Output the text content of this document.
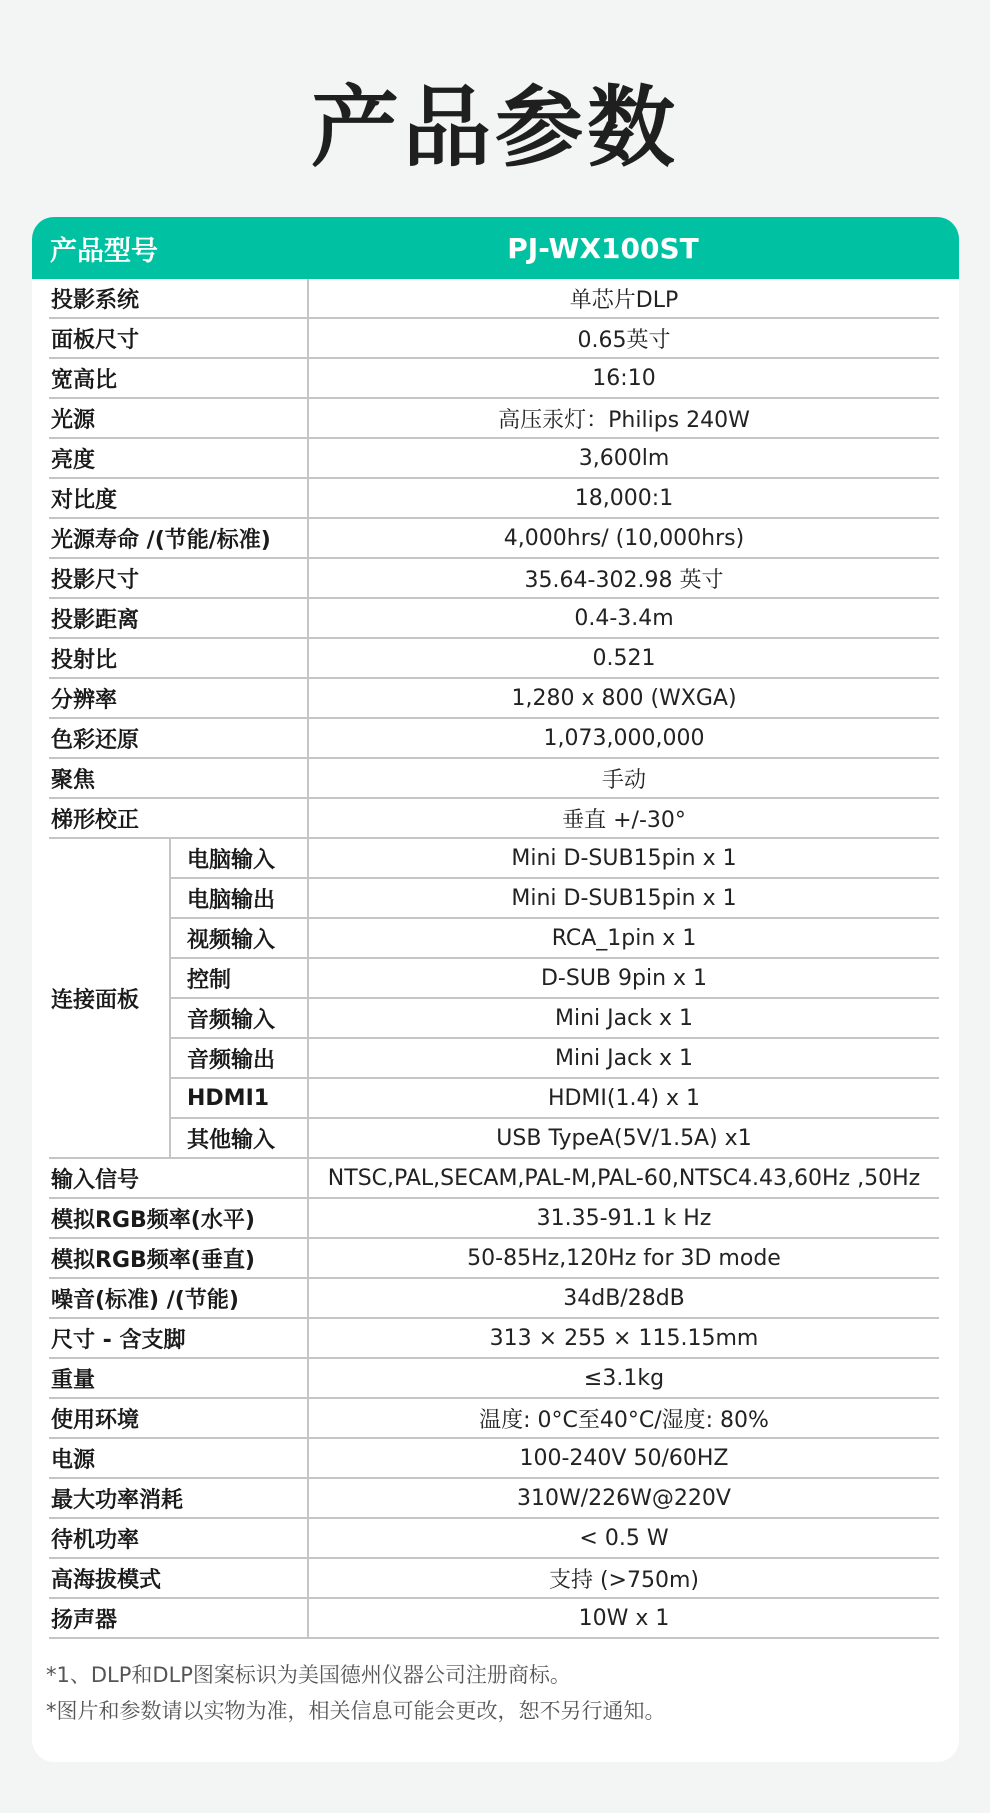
产品参数
产品型号	PJ-WX100ST
投影系统	单芯片DLP
面板尺寸	0.65英寸
宽高比	16:10
光源	高压汞灯：Philips 240W
亮度	3,600lm
对比度	18,000:1
光源寿命 /(节能/标准)	4,000hrs/ (10,000hrs)
投影尺寸	35.64-302.98 英寸
投影距离	0.4-3.4m
投射比	0.521
分辨率	1,280 x 800 (WXGA)
色彩还原	1,073,000,000
聚焦	手动
梯形校正	垂直 +/-30°
连接面板
电脑输入	Mini D-SUB15pin x 1
电脑输出	Mini D-SUB15pin x 1
视频输入	RCA_1pin x 1
控制	D-SUB 9pin x 1
音频输入	Mini Jack x 1
音频输出	Mini Jack x 1
HDMI1	HDMI(1.4) x 1
其他输入	USB TypeA(5V/1.5A) x1
输入信号	NTSC,PAL,SECAM,PAL-M,PAL-60,NTSC4.43,60Hz ,50Hz
模拟RGB频率(水平)	31.35-91.1 k Hz
模拟RGB频率(垂直)	50-85Hz,120Hz for 3D mode
噪音(标准) /(节能)	34dB/28dB
尺寸 - 含支脚	313 × 255 × 115.15mm
重量	≤3.1kg
使用环境	温度: 0°C至40°C/湿度: 80%
电源	100-240V 50/60HZ
最大功率消耗	310W/226W@220V
待机功率	< 0.5 W
高海拔模式	支持 (>750m)
扬声器	10W x 1
*1、DLP和DLP图案标识为美国德州仪器公司注册商标。
*图片和参数请以实物为准，相关信息可能会更改，恕不另行通知。
